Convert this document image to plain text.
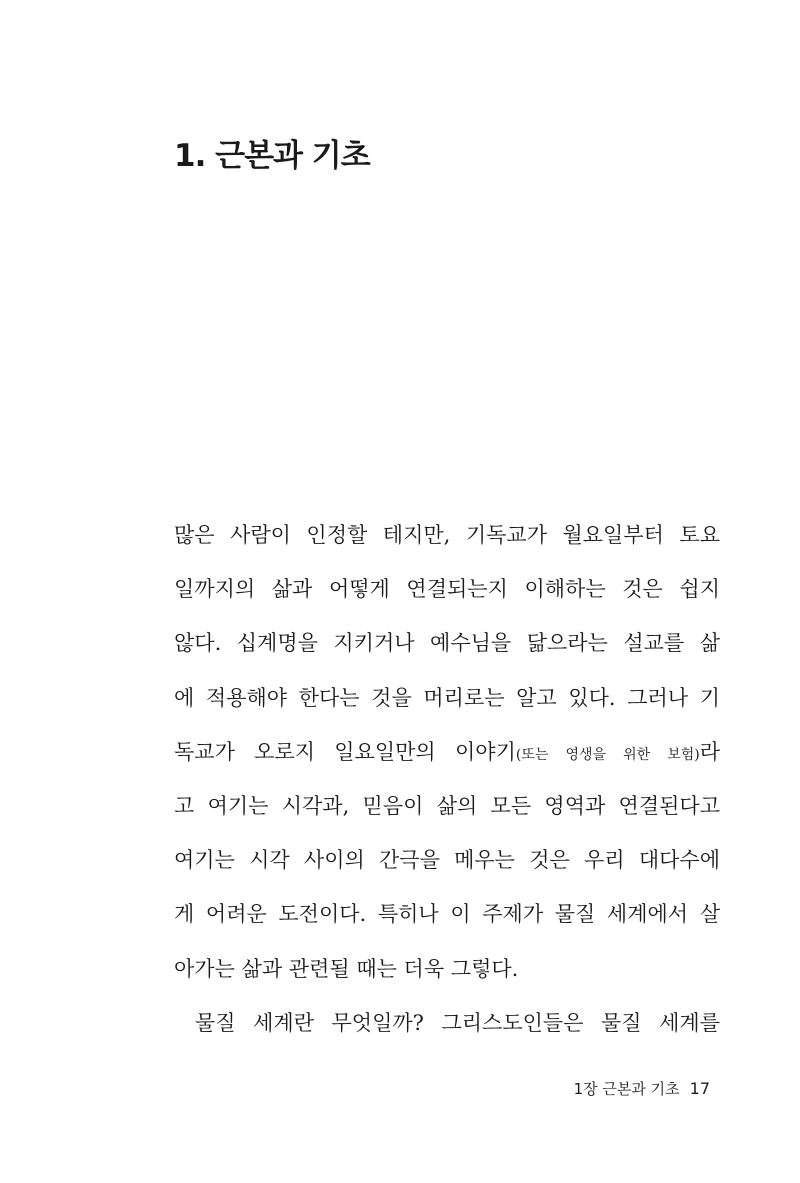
1. 근본과 기초
많은 사람이 인정할 테지만, 기독교가 월요일부터 토요
일까지의 삶과 어떻게 연결되는지 이해하는 것은 쉽지
않다. 십계명을 지키거나 예수님을 닮으라는 설교를 삶
에 적용해야 한다는 것을 머리로는 알고 있다. 그러나 기
독교가 오로지 일요일만의 이야기(또는 영생을 위한 보험)라
고 여기는 시각과, 믿음이 삶의 모든 영역과 연결된다고
여기는 시각 사이의 간극을 메우는 것은 우리 대다수에
게 어려운 도전이다. 특히나 이 주제가 물질 세계에서 살
아가는 삶과 관련될 때는 더욱 그렇다.
물질 세계란 무엇일까? 그리스도인들은 물질 세계를
1장 근본과 기초 17
